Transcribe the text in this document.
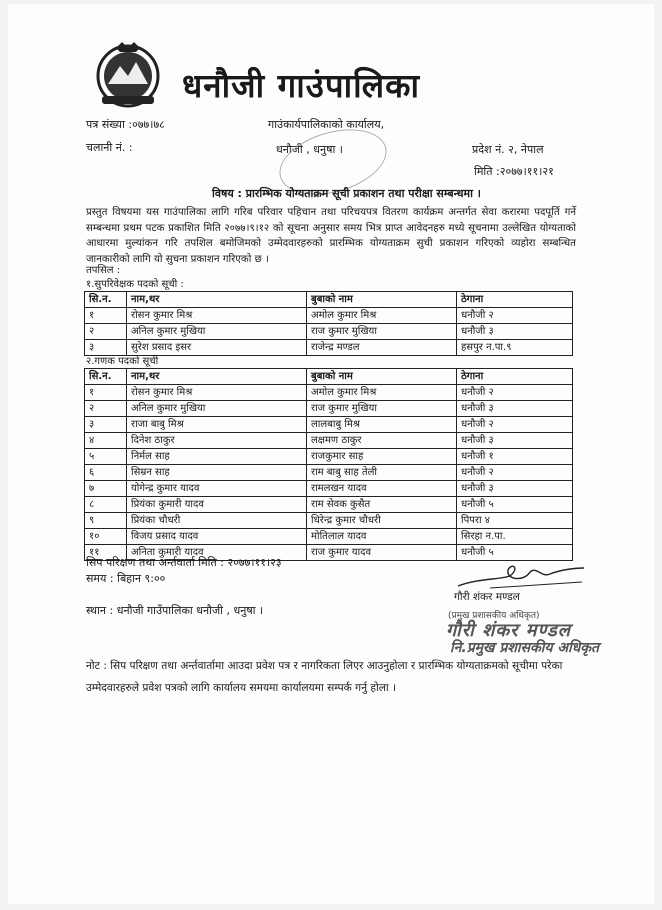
धनौजी गाउंपालिका
पत्र संख्या :०७७।७८
चलानी नं. :
गाउंकार्यपालिकाको कार्यालय,
धनौजी , धनुषा ।	प्रदेश नं. २, नेपाल
मिति :२०७७।११।२१
विषय : प्रारम्भिक योग्यताक्रम सूची प्रकाशन तथा परीक्षा सम्बन्धमा ।
प्रस्तुत विषयमा यस गाउंपालिका लागि गरिब परिवार पहिचान तथा परिचयपत्र वितरण कार्यक्रम अन्तर्गत सेवा करारमा पदपूर्ति गर्ने सम्बन्धमा प्रथम पटक प्रकाशित मिति २०७७।९।१२ को सूचना अनुसार समय भित्र प्राप्त आवेदनहरु मध्ये सूचनामा उल्लेखित योग्यताको आधारमा मुल्यांकन गरि तपशिल बमोजिमको उम्मेदवारहरुको प्रारम्भिक योग्यताक्रम सुची प्रकाशन गरिएको व्यहोरा सम्बन्धित जानकारीको लागि यो सुचना प्रकाशन गरिएको छ ।
तपसिल :
१.सुपरिवेक्षक पदको सूची :
सि.न.	नाम,थर	बुबाको नाम	ठेगाना
१	रोसन कुमार मिश्र	अमोल कुमार मिश्र	धनौजी २
२	अनिल कुमार मुखिया	राज कुमार मुखिया	धनौजी ३
३	सुरेश प्रसाद इसर	राजेन्द्र मण्डल	हसपुर न.पा.९
२.गणक पदको सूची
सि.न.	नाम,थर	बुबाको नाम	ठेगाना
१	रोसन कुमार मिश्र	अमोल कुमार मिश्र	धनौजी २
२	अनिल कुमार मुखिया	राज कुमार मुखिया	धनौजी ३
३	राजा बाबु मिश्र	लालबाबु मिश्र	धनौजी २
४	दिनेश ठाकुर	लक्षमण ठाकुर	धनौजी ३
५	निर्मल साह	राजकुमार साह	धनौजी १
६	सिम्रन साह	राम बाबु साह तेली	धनौजी २
७	योगेन्द्र कुमार यादव	रामलखन यादव	धनौजी ३
८	प्रियंका कुमारी यादव	राम सेवक कुसैत	धनौजी ५
९	प्रियंका चौधरी	धिरेन्द्र कुमार चौधरी	पिपरा ४
१०	विजय प्रसाद यादव	मोतिलाल यादव	सिरहा न.पा.
११	अनिता कुमारी यादव	राज कुमार यादव	धनौजी ५
सिप परिक्षण तथा अर्न्तवार्ता मिति : २०७७।११।२३
समय : बिहान ९:००
स्थान : धनौजी गाउँपालिका धनौजी , धनुषा ।
गौरी शंकर मण्डल
(प्रमुख प्रशासकीय अधिकृत)
गौरी शंकर मण्डल
नि.प्रमुख प्रशासकीय अधिकृत
नोट : सिप परिक्षण तथा अर्न्तवार्तामा आउदा प्रवेश पत्र र नागरिकता लिएर आउनुहोला र प्रारम्भिक योग्यताक्रमको सूचीमा परेका उम्मेदवारहरुले प्रवेश पत्रको लागि कार्यालय समयमा कार्यालयमा सम्पर्क गर्नु होला ।
